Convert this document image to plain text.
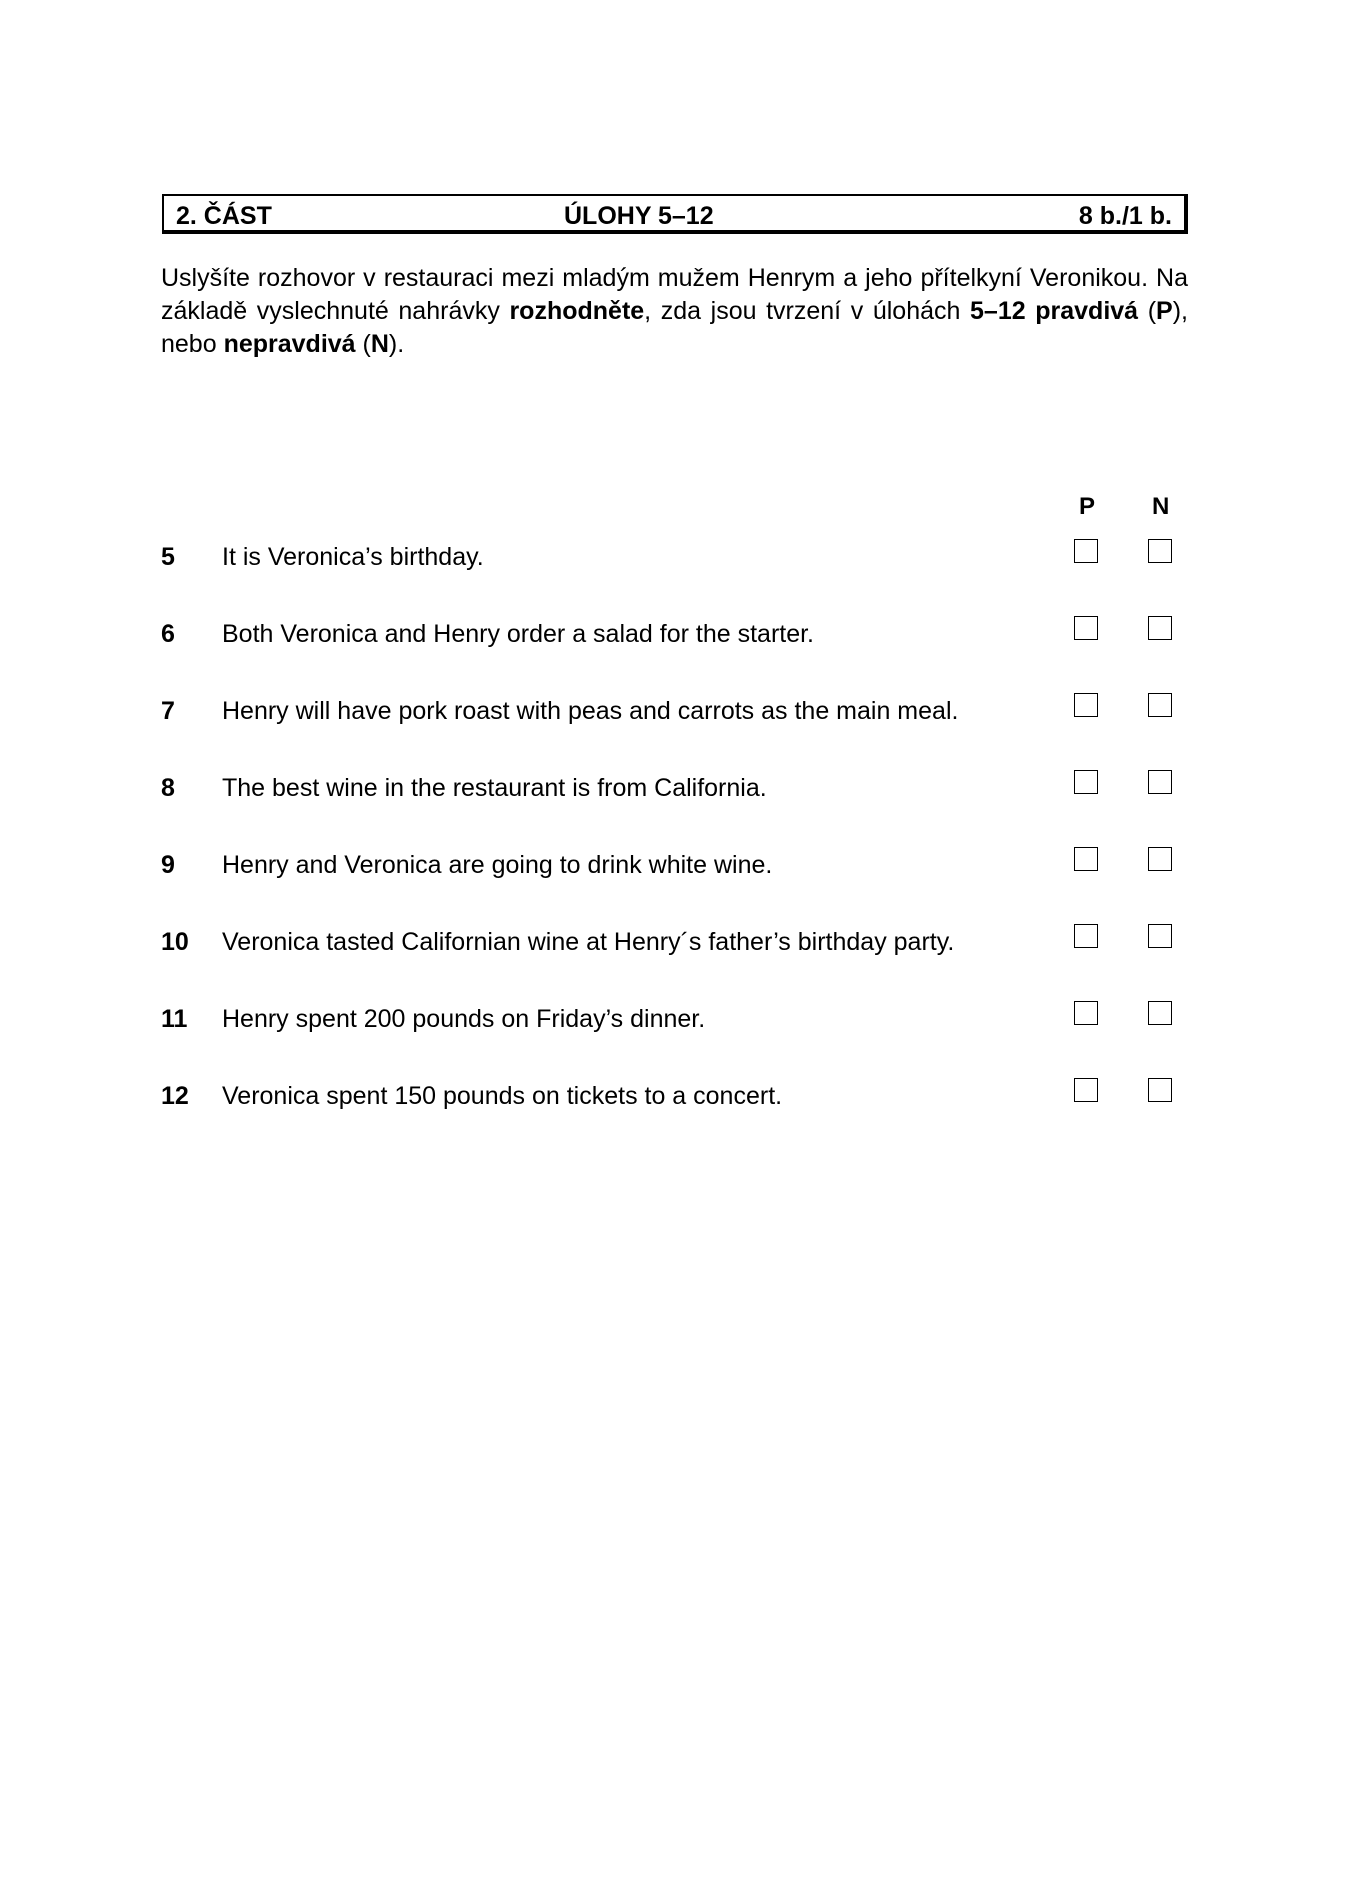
2. ČÁST	ÚLOHY 5–12	8 b./1 b.
Uslyšíte rozhovor v restauraci mezi mladým mužem Henrym a jeho přítelkyní Veronikou. Na základě vyslechnuté nahrávky rozhodněte, zda jsou tvrzení v úlohách 5–12 pravdivá (P), nebo nepravdivá (N).
P N
5 It is Veronica’s birthday.
6 Both Veronica and Henry order a salad for the starter.
7 Henry will have pork roast with peas and carrots as the main meal.
8 The best wine in the restaurant is from California.
9 Henry and Veronica are going to drink white wine.
10 Veronica tasted Californian wine at Henry´s father’s birthday party.
11 Henry spent 200 pounds on Friday’s dinner.
12 Veronica spent 150 pounds on tickets to a concert.
